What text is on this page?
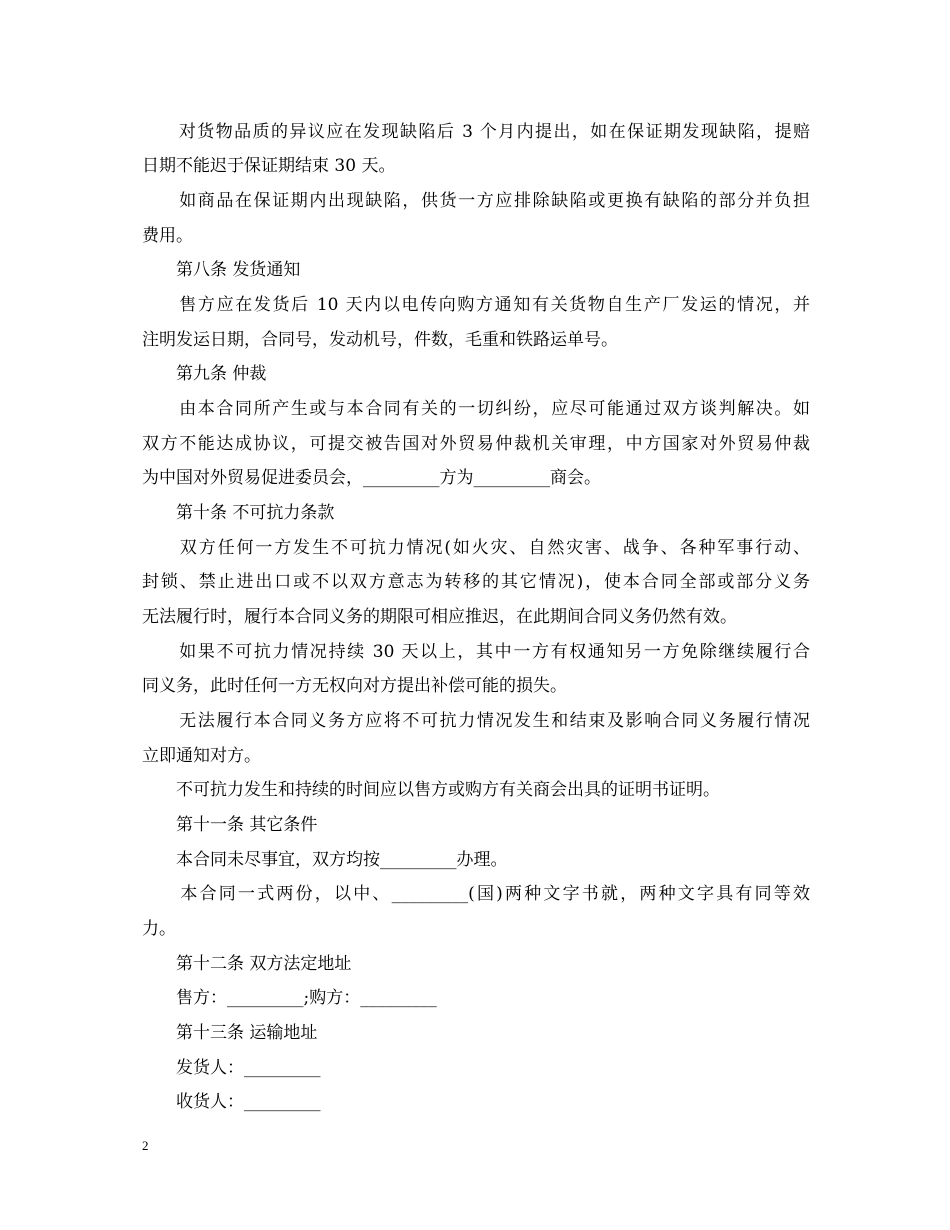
　　对货物品质的异议应在发现缺陷后 3 个月内提出，如在保证期发现缺陷，提赔
日期不能迟于保证期结束 30 天。
　　如商品在保证期内出现缺陷，供货一方应排除缺陷或更换有缺陷的部分并负担
费用。
　　第八条 发货通知
　　售方应在发货后 10 天内以电传向购方通知有关货物自生产厂发运的情况，并
注明发运日期，合同号，发动机号，件数，毛重和铁路运单号。
　　第九条 仲裁
　　由本合同所产生或与本合同有关的一切纠纷，应尽可能通过双方谈判解决。如
双方不能达成协议，可提交被告国对外贸易仲裁机关审理，中方国家对外贸易仲裁
为中国对外贸易促进委员会，_________方为_________商会。
　　第十条 不可抗力条款
　　双方任何一方发生不可抗力情况(如火灾、自然灾害、战争、各种军事行动、
封锁、禁止进出口或不以双方意志为转移的其它情况)，使本合同全部或部分义务
无法履行时，履行本合同义务的期限可相应推迟，在此期间合同义务仍然有效。
　　如果不可抗力情况持续 30 天以上，其中一方有权通知另一方免除继续履行合
同义务，此时任何一方无权向对方提出补偿可能的损失。
　　无法履行本合同义务方应将不可抗力情况发生和结束及影响合同义务履行情况
立即通知对方。
　　不可抗力发生和持续的时间应以售方或购方有关商会出具的证明书证明。
　　第十一条 其它条件
　　本合同未尽事宜，双方均按_________办理。
　　本合同一式两份，以中、_________(国)两种文字书就，两种文字具有同等效
力。
　　第十二条 双方法定地址
　　售方：_________;购方：_________
　　第十三条 运输地址
　　发货人：_________
　　收货人：_________
2
